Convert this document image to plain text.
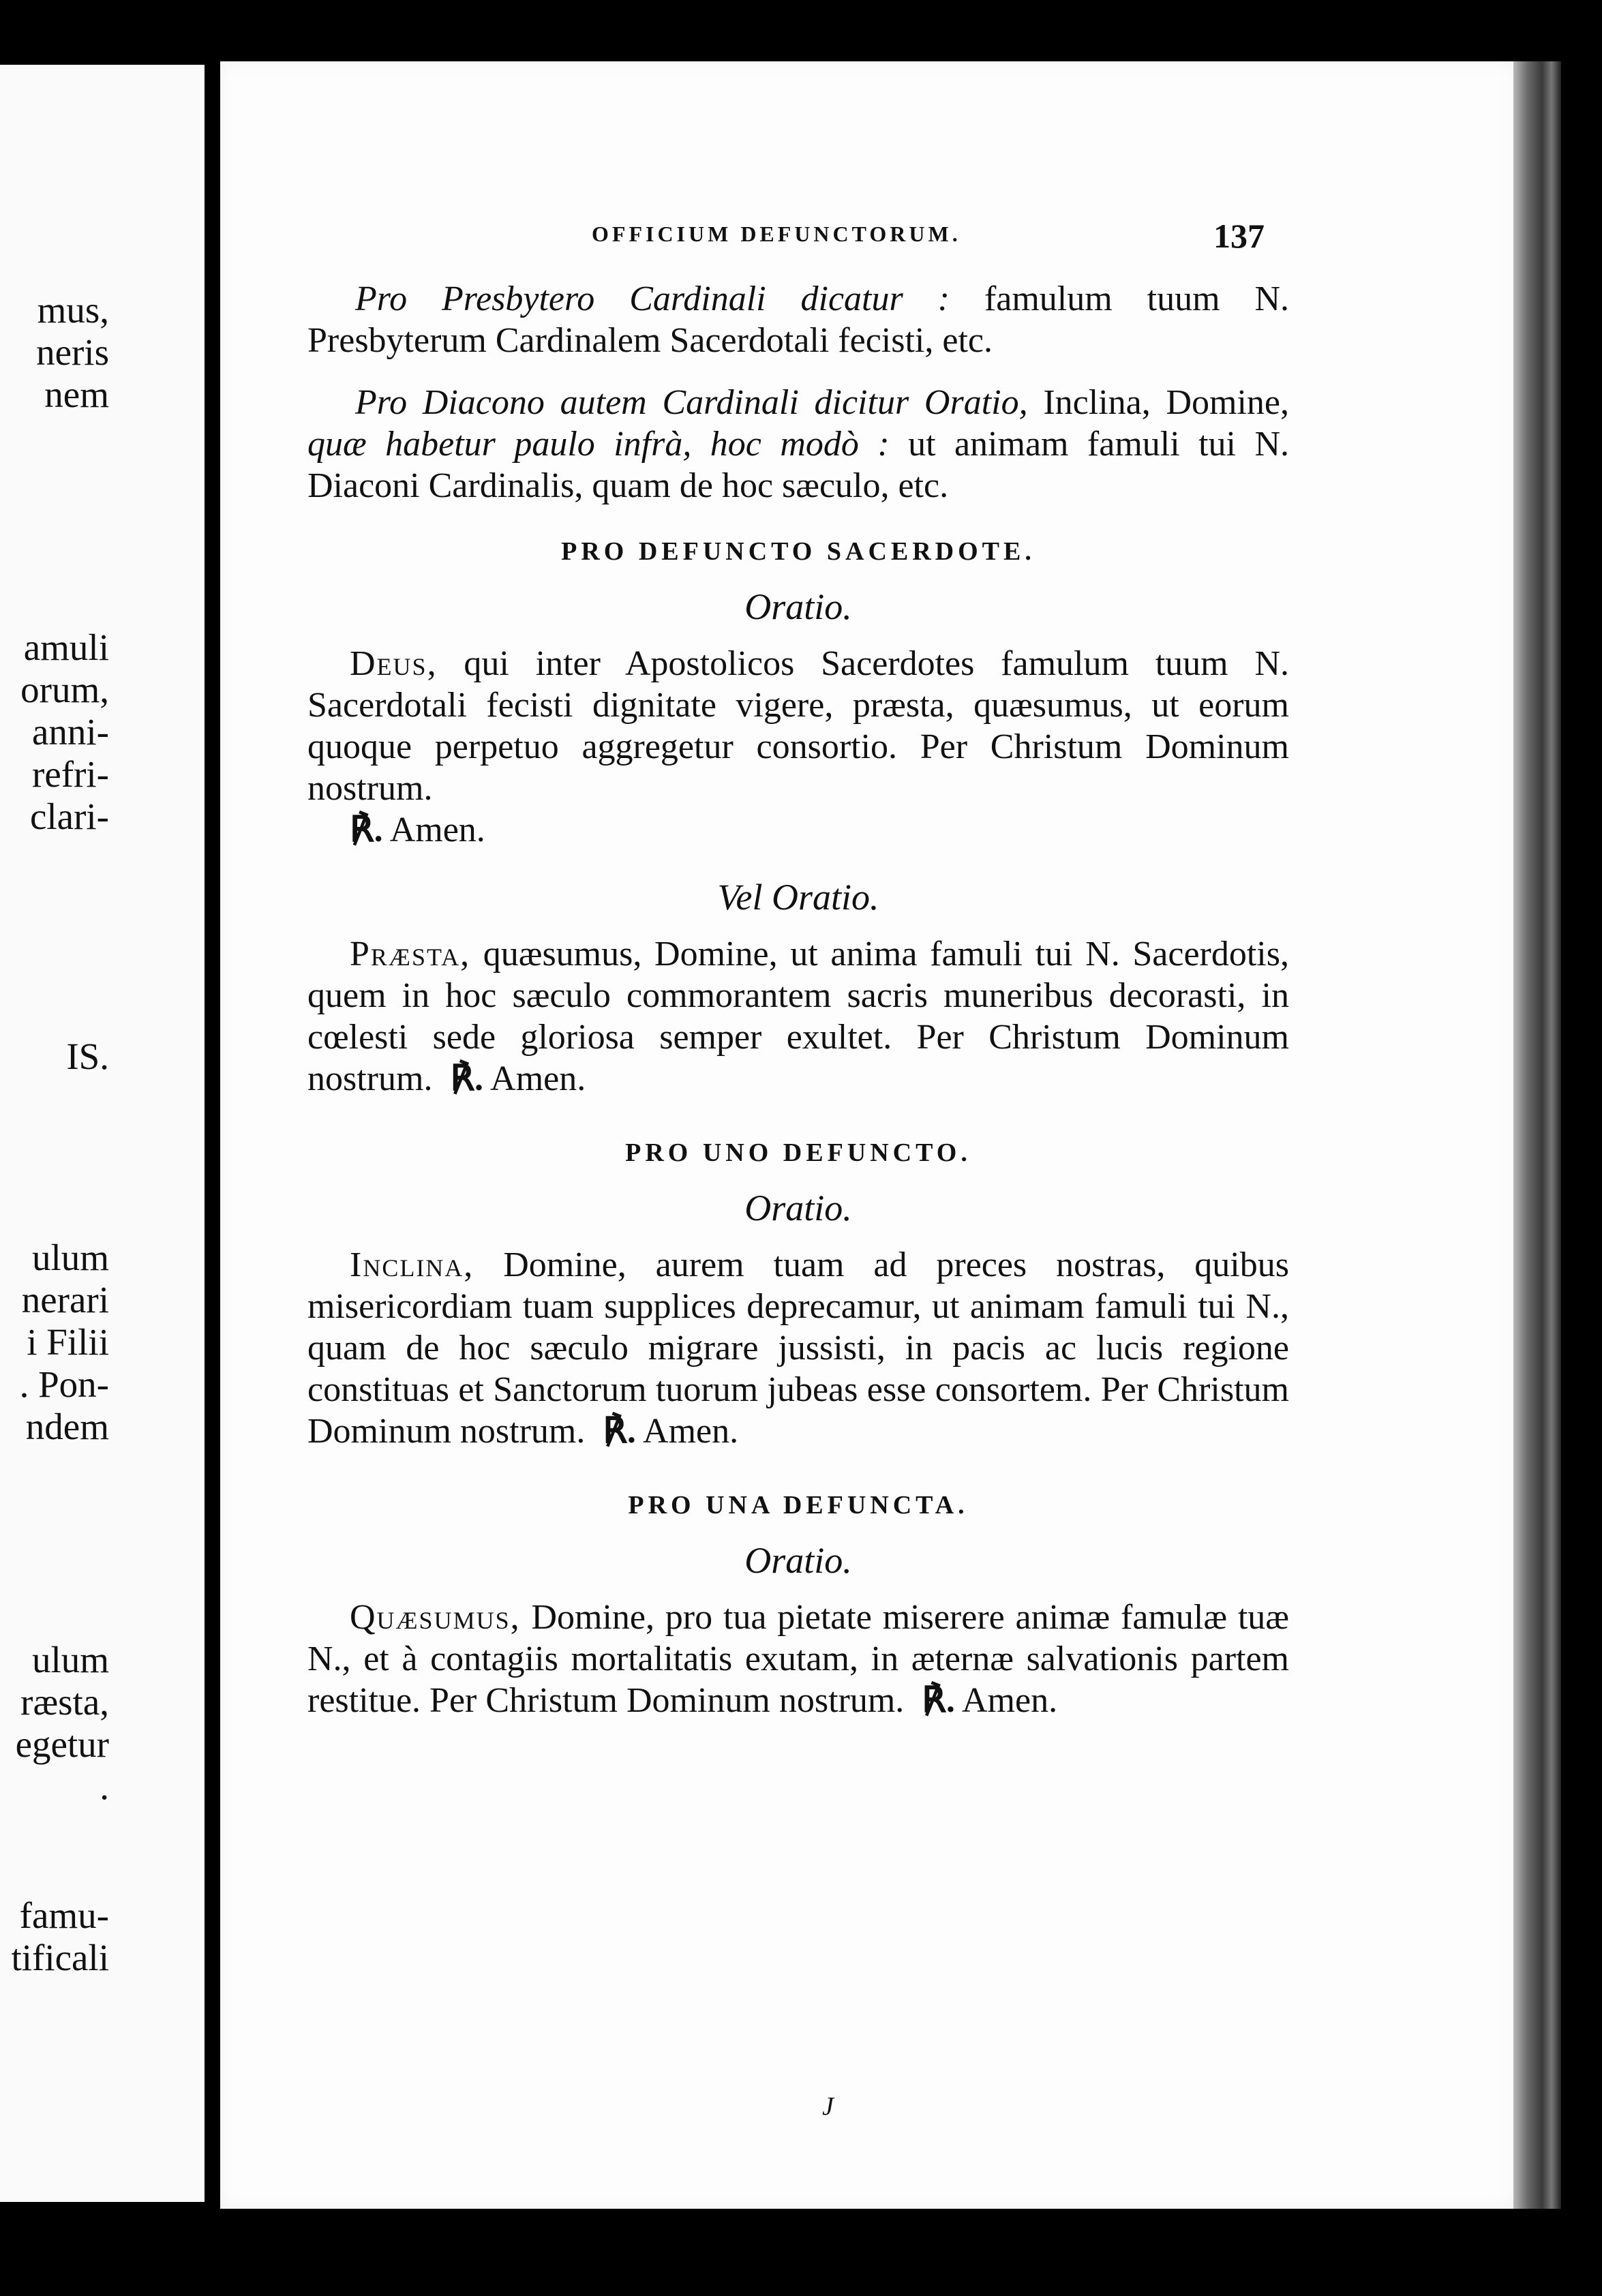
mus,
neris
nem
amuli
orum,
anni-
refri-
clari-
IS.
ulum
nerari
i Filii
. Pon-
ndem
ulum
ræsta,
egetur
.
famu-
tificali
OFFICIUM DEFUNCTORUM.	137

Pro Presbytero Cardinali dicatur : famulum tuum N. Presbyterum Cardinalem Sacerdotali fecisti, etc.

Pro Diacono autem Cardinali dicitur Oratio, Inclina, Domine, quæ habetur paulo infrà, hoc modò : ut animam famuli tui N. Diaconi Cardinalis, quam de hoc sæculo, etc.

PRO DEFUNCTO SACERDOTE.
Oratio.

Deus, qui inter Apostolicos Sacerdotes famulum tuum N. Sacerdotali fecisti dignitate vigere, præsta, quæsumus, ut eorum quoque perpetuo aggregetur consortio. Per Christum Dominum nostrum.

℟. Amen.

Vel Oratio.

Præsta, quæsumus, Domine, ut anima famuli tui N. Sacerdotis, quem in hoc sæculo commorantem sacris muneribus decorasti, in cœlesti sede gloriosa semper exultet. Per Christum Dominum nostrum. ℟. Amen.

PRO UNO DEFUNCTO.
Oratio.

Inclina, Domine, aurem tuam ad preces nostras, quibus misericordiam tuam supplices deprecamur, ut animam famuli tui N., quam de hoc sæculo migrare jussisti, in pacis ac lucis regione constituas et Sanctorum tuorum jubeas esse consortem. Per Christum Dominum nostrum. ℟. Amen.

PRO UNA DEFUNCTA.
Oratio.

Quæsumus, Domine, pro tua pietate miserere animæ famulæ tuæ N., et à contagiis mortalitatis exutam, in æternæ salvationis partem restitue. Per Christum Dominum nostrum. ℟. Amen.

J
